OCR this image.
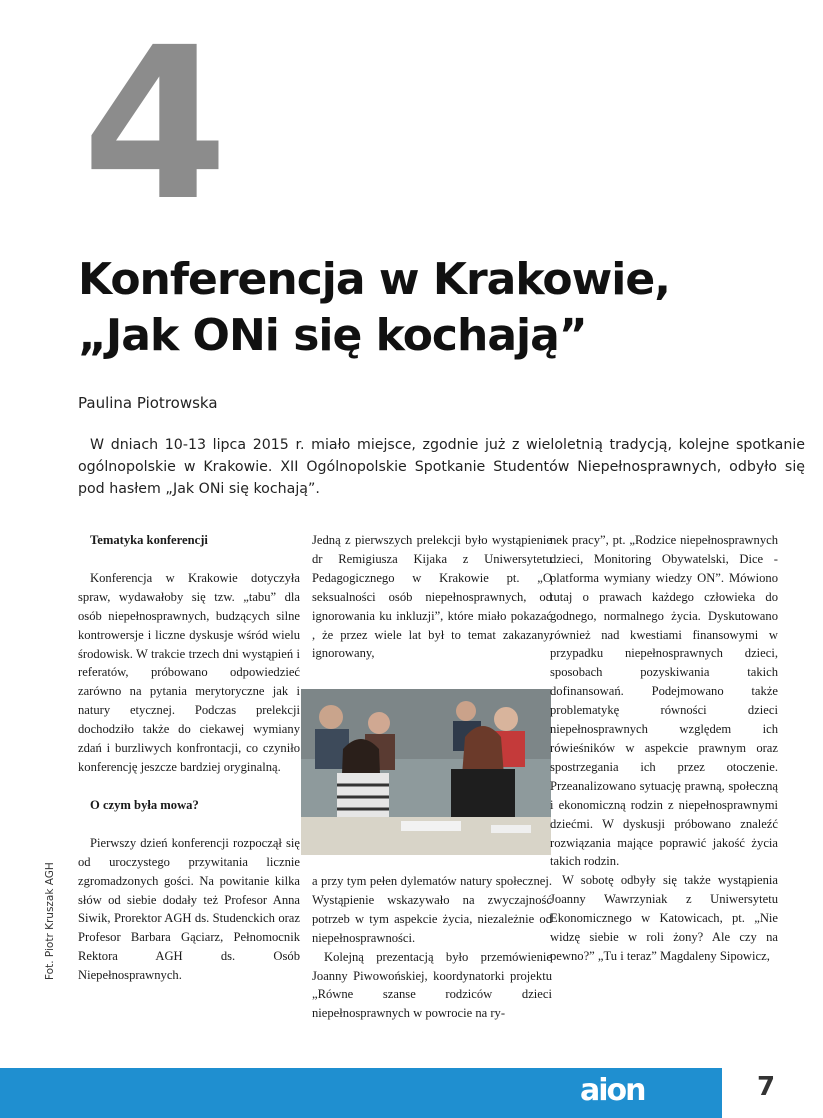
4
Konferencja w Krakowie,
„Jak ONi się kochają”
Paulina Piotrowska

W dniach 10-13 lipca 2015 r. miało miejsce, zgodnie już z wieloletnią tradycją, kolejne spotkanie ogólnopolskie w Krakowie. XII Ogólnopolskie Spotkanie Studentów Niepełnosprawnych, odbyło się pod hasłem „Jak ONi się kochają”.

Tematyka konferencji

Konferencja w Krakowie dotyczyła spraw, wydawałoby się tzw. „tabu” dla osób niepełnosprawnych, budzących silne kontrowersje i liczne dyskusje wśród wielu środowisk. W trakcie trzech dni wystąpień i referatów, próbowano odpowiedzieć zarówno na pytania merytoryczne jak i natury etycznej. Podczas prelekcji dochodziło także do ciekawej wymiany zdań i burzliwych konfrontacji, co czyniło konferencję jeszcze bardziej oryginalną.

O czym była mowa?

Pierwszy dzień konferencji rozpoczął się od uroczystego przywitania licznie zgromadzonych gości. Na powitanie kilka słów od siebie dodały też Profesor Anna Siwik, Prorektor AGH ds. Studenckich oraz Profesor Barbara Gąciarz, Pełnomocnik Rektora AGH ds. Osób Niepełnosprawnych.

Jedną z pierwszych prelekcji było wystąpienie dr Remigiusza Kijaka z Uniwersytetu Pedagogicznego w Krakowie pt. „O seksualności osób niepełnosprawnych, od ignorowania ku inkluzji”, które miało pokazać , że przez wiele lat był to temat zakazany, ignorowany,

a przy tym pełen dylematów natury społecznej. Wystąpienie wskazywało na zwyczajność potrzeb w tym aspekcie życia, niezależnie od niepełnosprawności.

Kolejną prezentacją było przemówienie Joanny Piwowońskiej, koordynatorki projektu „Równe szanse rodziców dzieci niepełnosprawnych w powrocie na ry-

nek pracy”, pt. „Rodzice niepełnosprawnych dzieci, Monitoring Obywatelski, Dice - platforma wymiany wiedzy ON”. Mówiono tutaj o prawach każdego człowieka do godnego, normalnego życia. Dyskutowano również nad kwestiami finansowymi w przypadku niepełnosprawnych dzieci, sposobach pozyskiwania takich dofinansowań. Podejmowano także problematykę równości dzieci niepełnosprawnych względem ich rówieśników w aspekcie prawnym oraz spostrzegania ich przez otoczenie. Przeanalizowano sytuację prawną, społeczną i ekonomiczną rodzin z niepełnosprawnymi dziećmi. W dyskusji próbowano znaleźć rozwiązania mające poprawić jakość życia takich rodzin.

W sobotę odbyły się także wystąpienia Joanny Wawrzyniak z Uniwersytetu Ekonomicznego w Katowicach, pt. „Nie widzę siebie w roli żony? Ale czy na pewno?” „Tu i teraz” Magdaleny Sipowicz,

Fot. Piotr Kruszak AGH
aion	7
